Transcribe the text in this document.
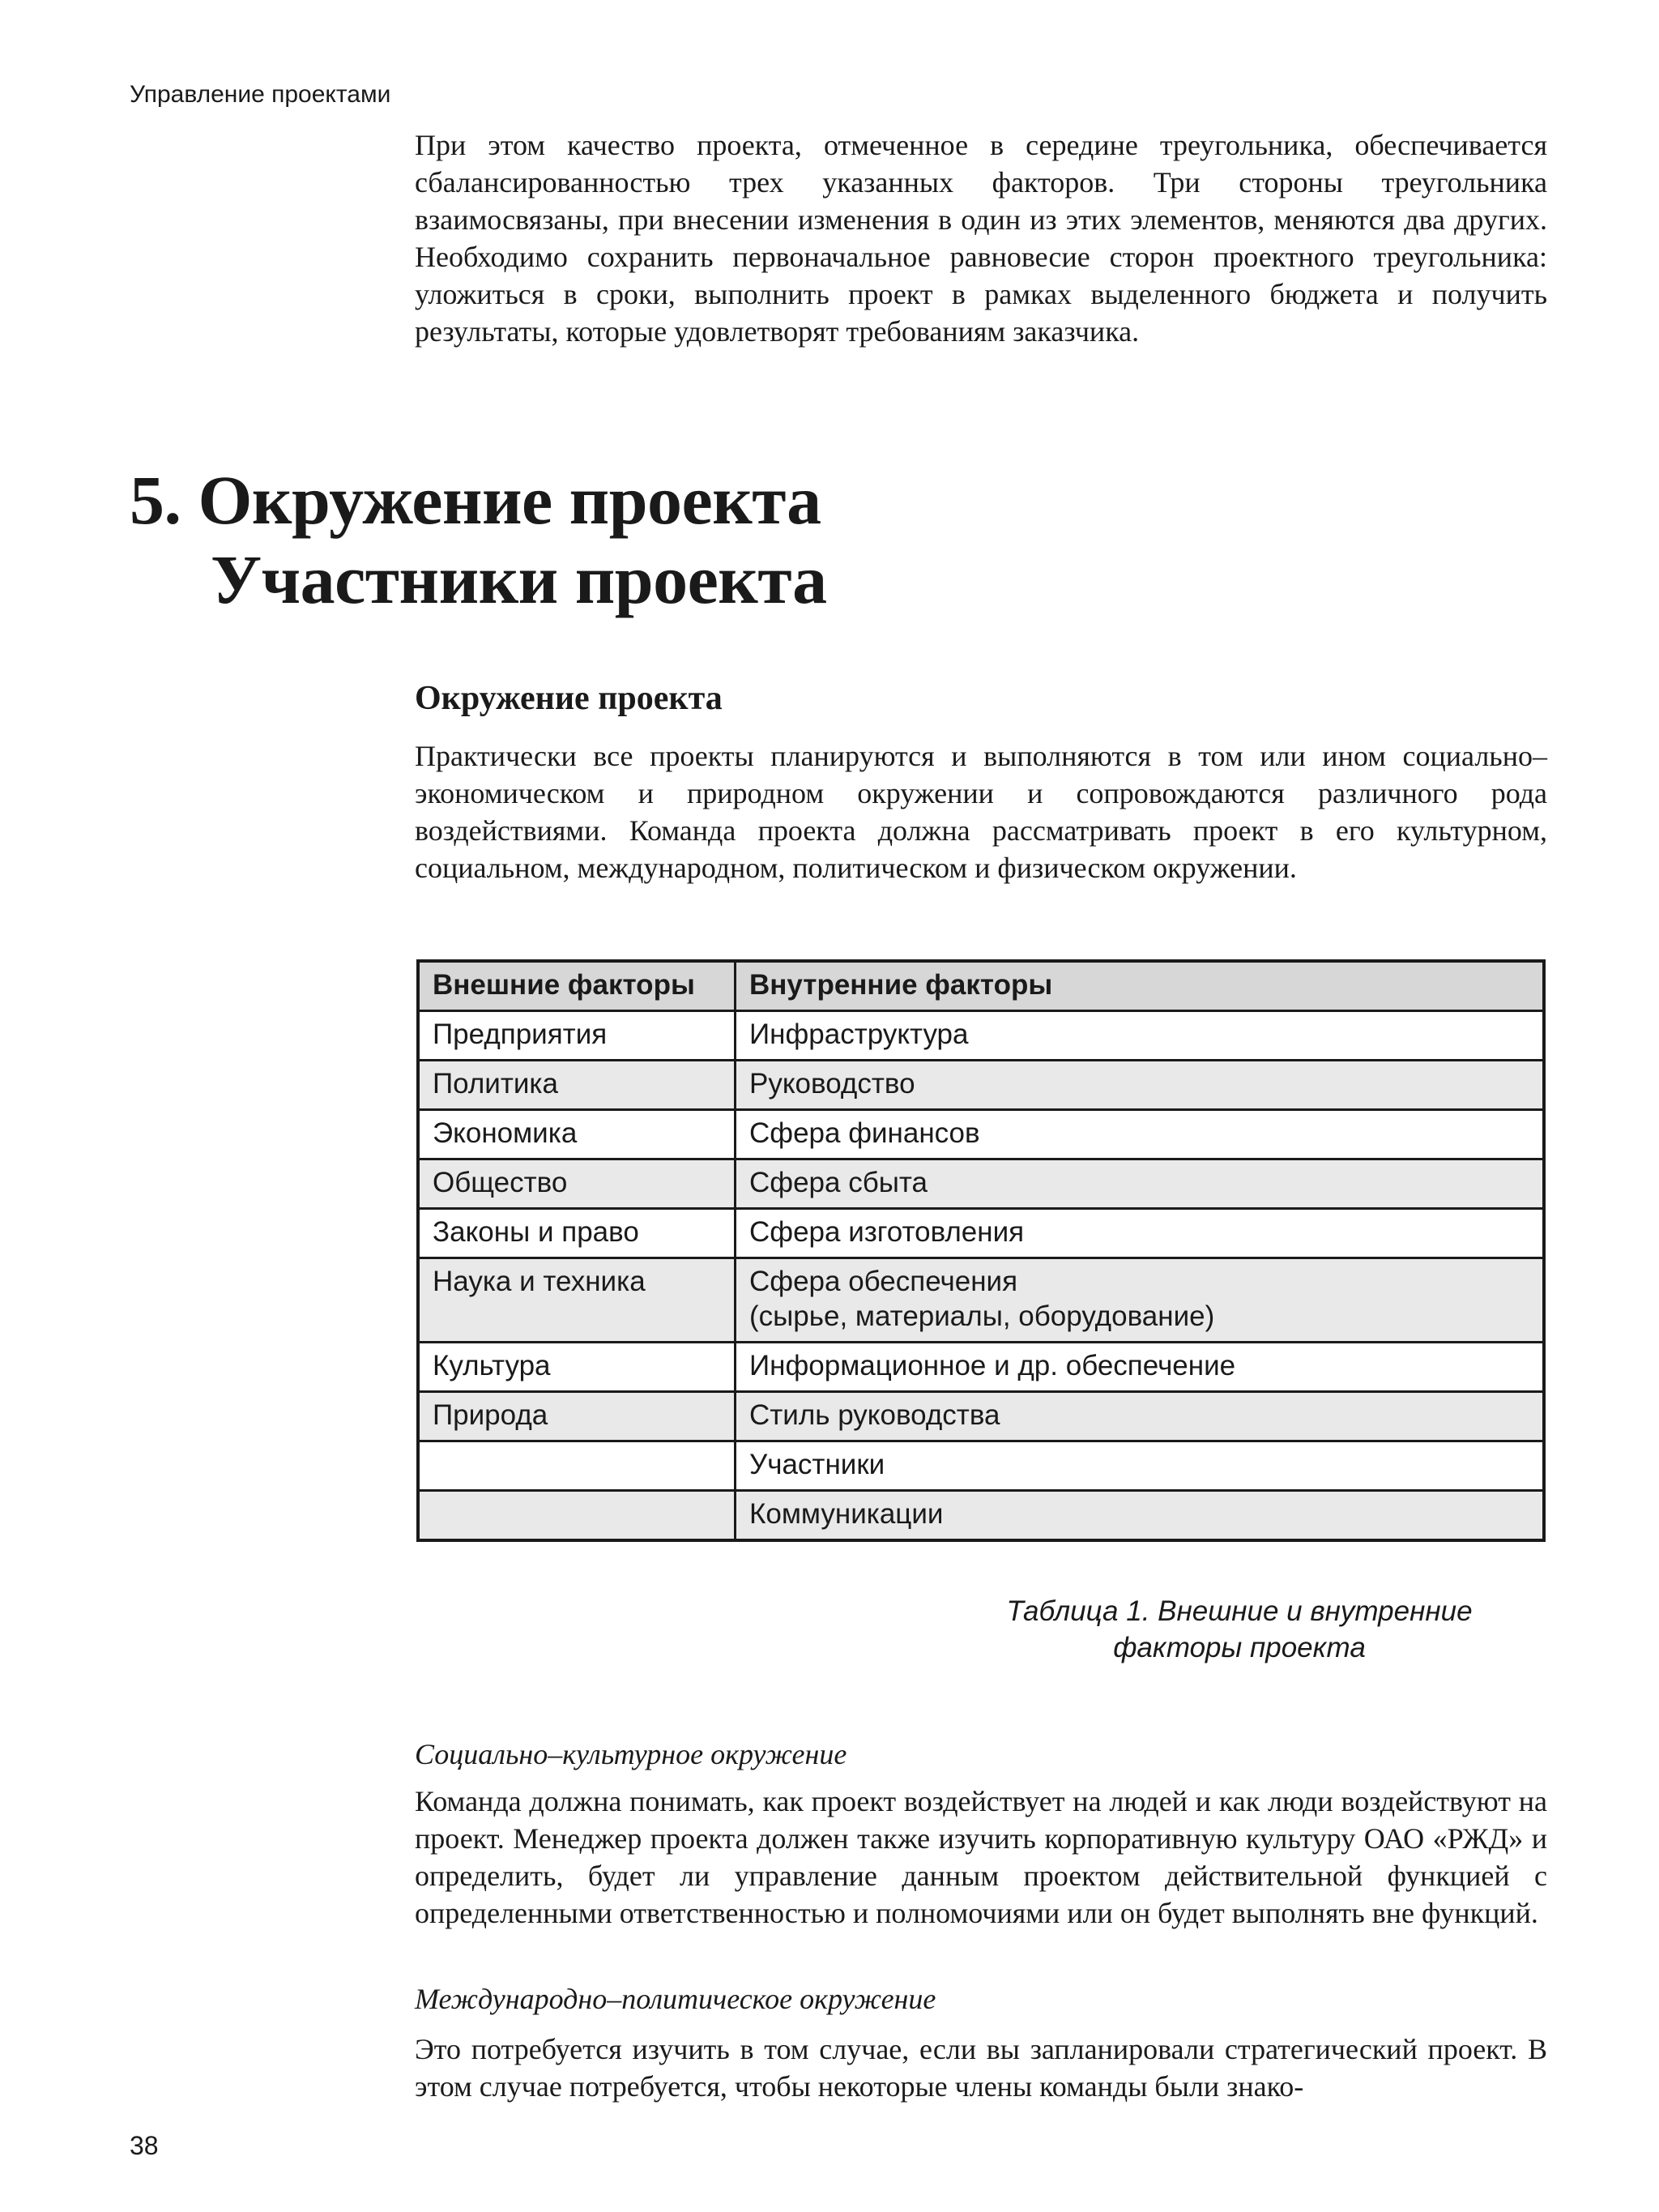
Управление проектами

При этом качество проекта, отмеченное в середине треугольника, обеспечивается сбалансированностью трех указанных факторов. Три стороны треугольника взаимосвязаны, при внесении изменения в один из этих элементов, меняются два других. Необходимо сохранить первоначальное равновесие сторон проектного треугольника: уложиться в сроки, выполнить проект в рамках выделенного бюджета и получить результаты, которые удовлетворят требованиям заказчика.

5. Окружение проекта
Участники проекта
Окружение проекта

Практически все проекты планируются и выполняются в том или ином социально–экономическом и природном окружении и сопровождаются различного рода воздействиями. Команда проекта должна рассматривать проект в его культурном, социальном, международном, политическом и физическом окружении.

Внешние факторы	Внутренние факторы
Предприятия	Инфраструктура
Политика	Руководство
Экономика	Сфера финансов
Общество	Сфера сбыта
Законы и право	Сфера изготовления
Наука и техника	Сфера обеспечения
(сырье, материалы, оборудование)
Культура	Информационное и др. обеспечение
Природа	Стиль руководства
	Участники
	Коммуникации
Таблица 1. Внешние и внутренние
факторы проекта

Социально–культурное окружение

Команда должна понимать, как проект воздействует на людей и как люди воздействуют на проект. Менеджер проекта должен также изучить корпоративную культуру ОАО «РЖД» и определить, будет ли управление данным проектом действительной функцией с определенными ответственностью и полномочиями или он будет выполнять вне функций.

Международно–политическое окружение

Это потребуется изучить в том случае, если вы запланировали стратегический проект. В этом случае потребуется, чтобы некоторые члены команды были знако-

38
